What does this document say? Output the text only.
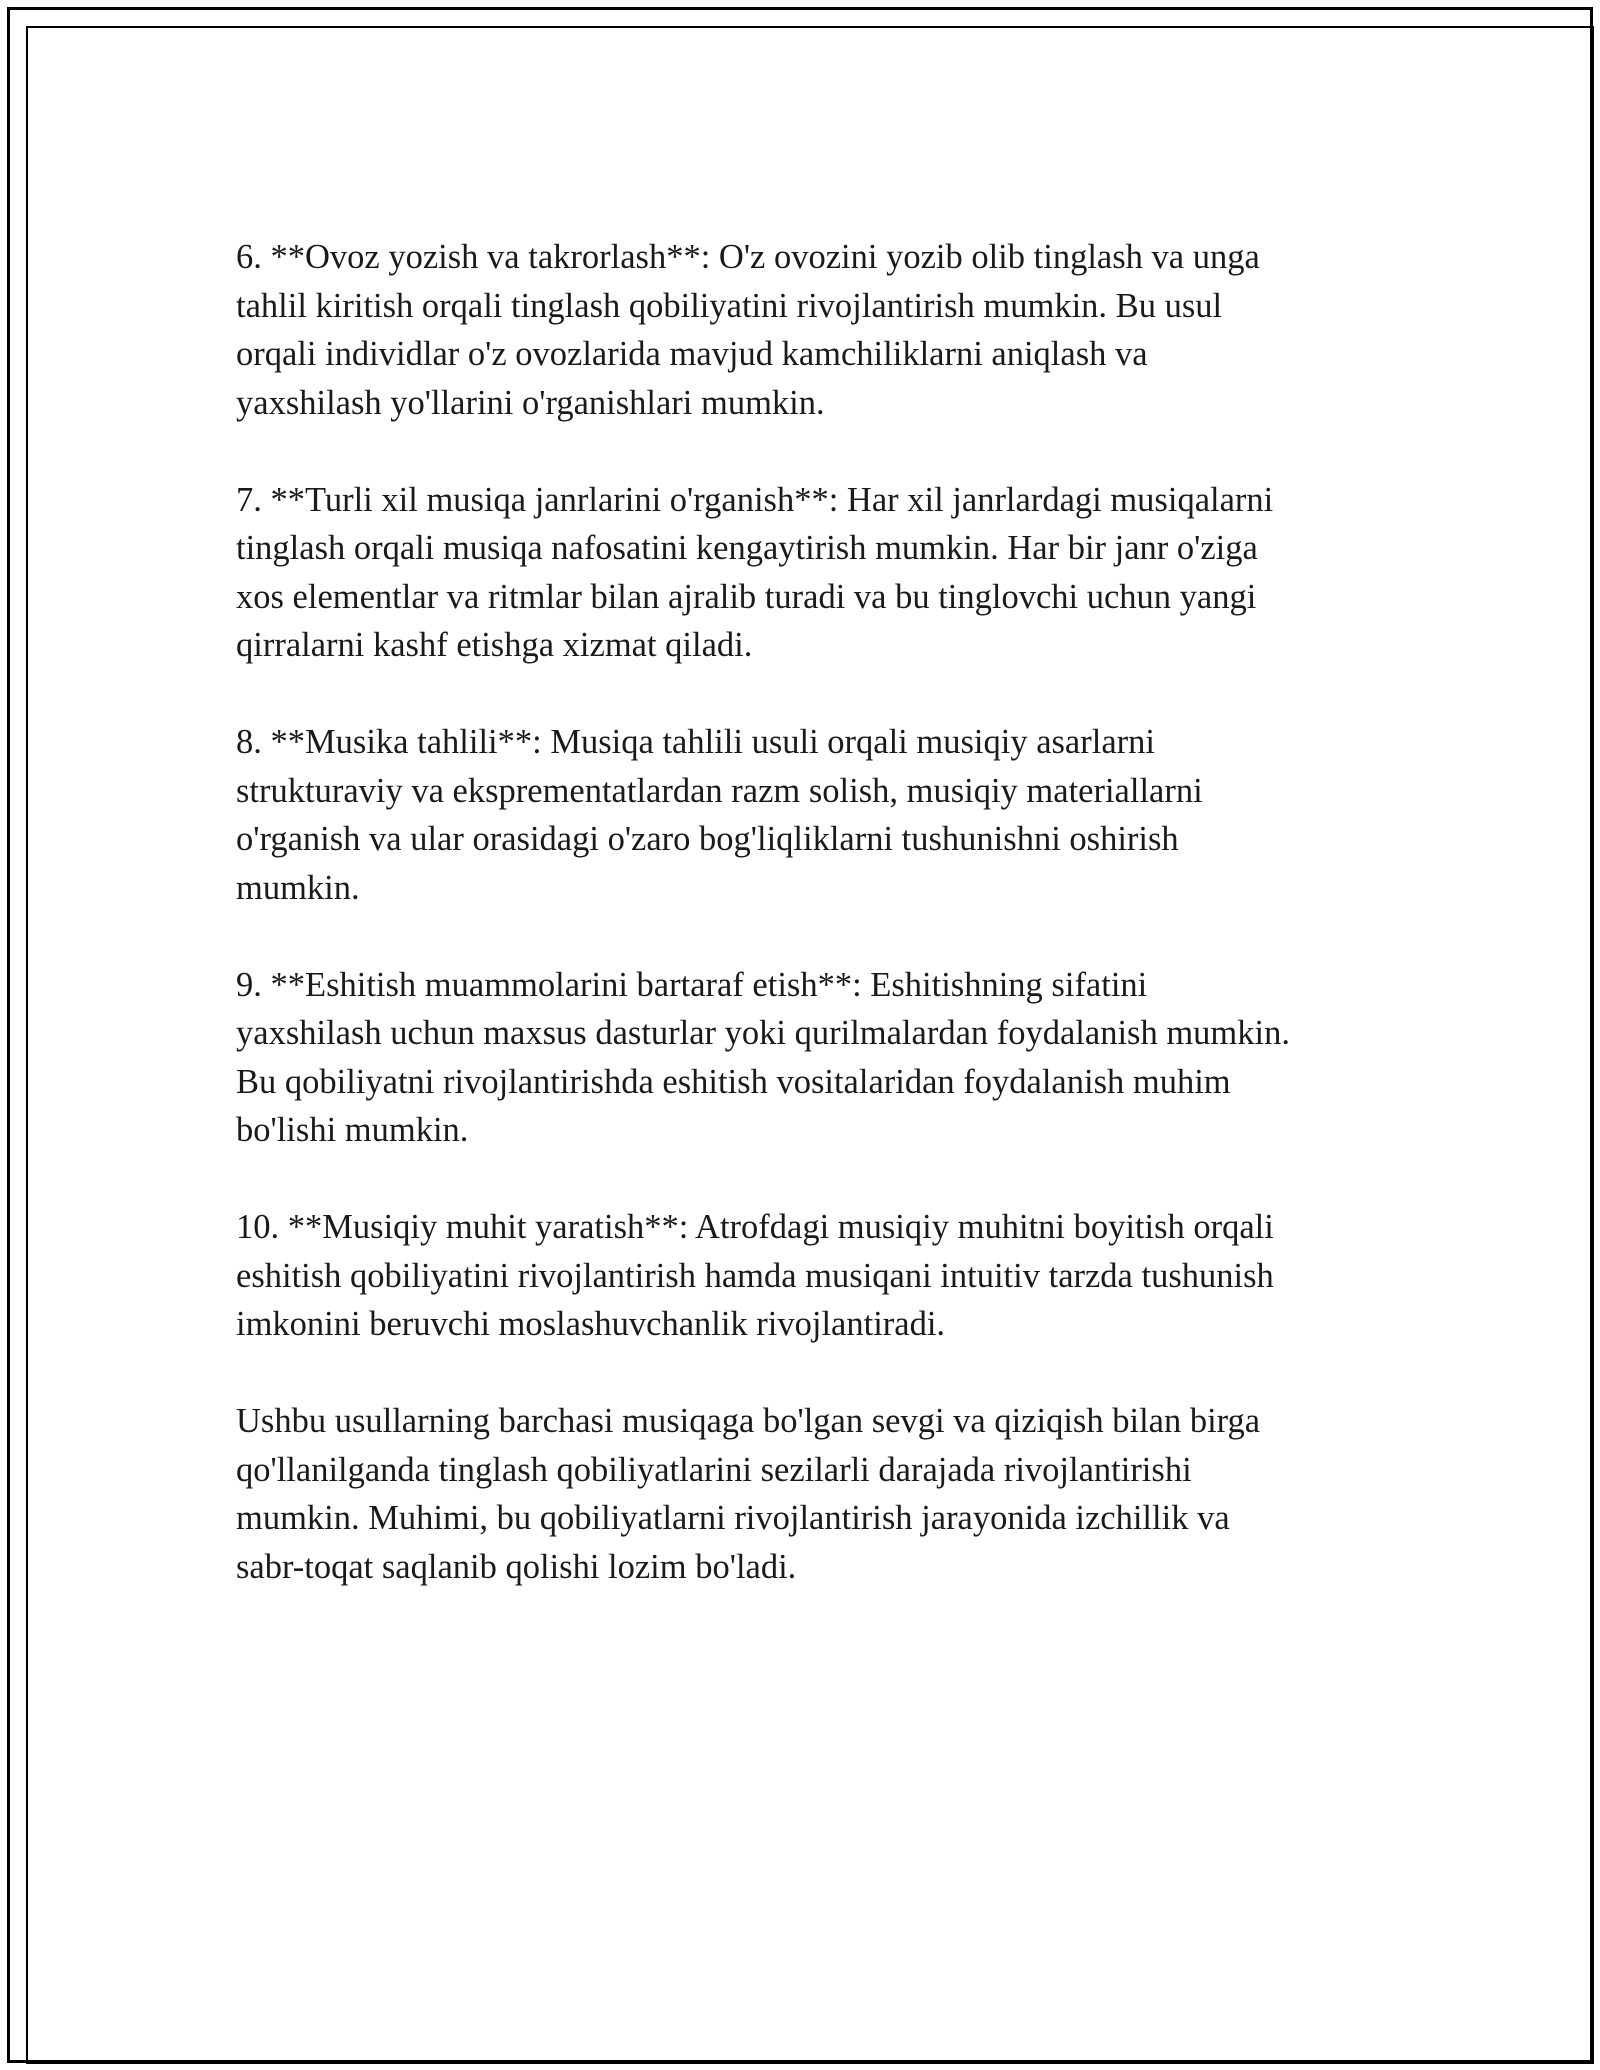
6. **Ovoz yozish va takrorlash**: O'z ovozini yozib olib tinglash va unga
tahlil kiritish orqali tinglash qobiliyatini rivojlantirish mumkin. Bu usul
orqali individlar o'z ovozlarida mavjud kamchiliklarni aniqlash va
yaxshilash yo'llarini o'rganishlari mumkin.

7. **Turli xil musiqa janrlarini o'rganish**: Har xil janrlardagi musiqalarni
tinglash orqali musiqa nafosatini kengaytirish mumkin. Har bir janr o'ziga
xos elementlar va ritmlar bilan ajralib turadi va bu tinglovchi uchun yangi
qirralarni kashf etishga xizmat qiladi.

8. **Musika tahlili**: Musiqa tahlili usuli orqali musiqiy asarlarni
strukturaviy va eksprementatlardan razm solish, musiqiy materiallarni
o'rganish va ular orasidagi o'zaro bog'liqliklarni tushunishni oshirish
mumkin.

9. **Eshitish muammolarini bartaraf etish**: Eshitishning sifatini
yaxshilash uchun maxsus dasturlar yoki qurilmalardan foydalanish mumkin.
Bu qobiliyatni rivojlantirishda eshitish vositalaridan foydalanish muhim
bo'lishi mumkin.

10. **Musiqiy muhit yaratish**: Atrofdagi musiqiy muhitni boyitish orqali
eshitish qobiliyatini rivojlantirish hamda musiqani intuitiv tarzda tushunish
imkonini beruvchi moslashuvchanlik rivojlantiradi.

Ushbu usullarning barchasi musiqaga bo'lgan sevgi va qiziqish bilan birga
qo'llanilganda tinglash qobiliyatlarini sezilarli darajada rivojlantirishi
mumkin. Muhimi, bu qobiliyatlarni rivojlantirish jarayonida izchillik va
sabr-toqat saqlanib qolishi lozim bo'ladi.
